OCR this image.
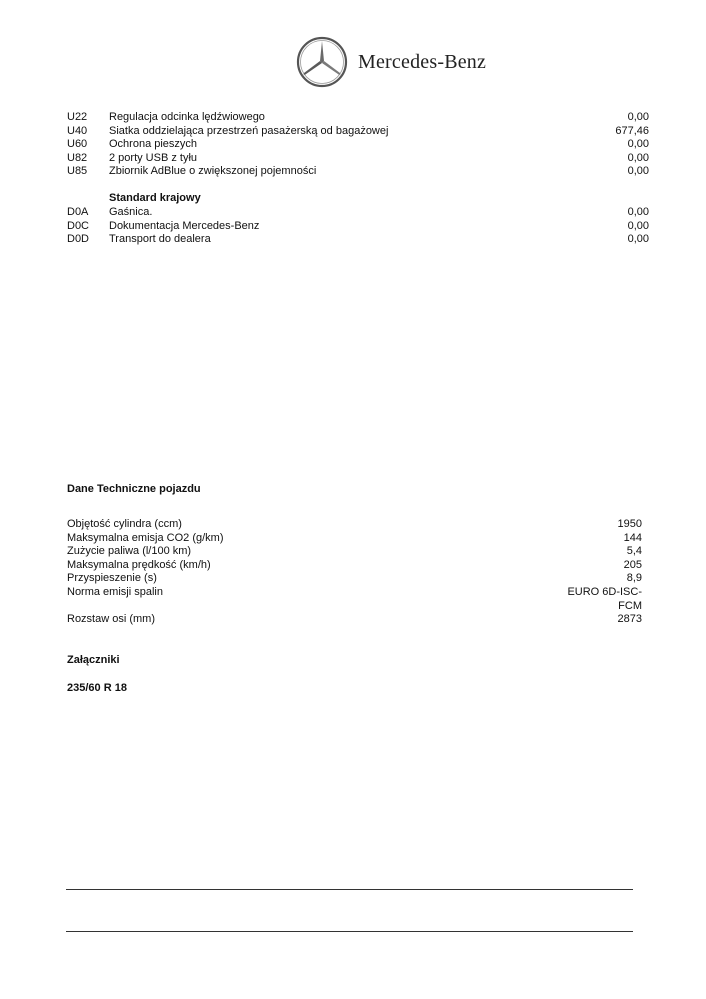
Mercedes-Benz
U22 Regulacja odcinka lędźwiowego	0,00
U40 Siatka oddzielająca przestrzeń pasażerską od bagażowej	677,46
U60 Ochrona pieszych	0,00
U82 2 porty USB z tyłu	0,00
U85 Zbiornik AdBlue o zwiększonej pojemności	0,00
Standard krajowy
D0A Gaśnica.	0,00
D0C Dokumentacja Mercedes-Benz	0,00
D0D Transport do dealera	0,00
Dane Techniczne pojazdu
Objętość cylindra (ccm)	1950
Maksymalna emisja CO2 (g/km)	144
Zużycie paliwa (l/100 km)	5,4
Maksymalna prędkość (km/h)	205
Przyspieszenie (s)	8,9
Norma emisji spalin	EURO 6D-ISC-
FCM
Rozstaw osi (mm)	2873
Załączniki
235/60 R 18
